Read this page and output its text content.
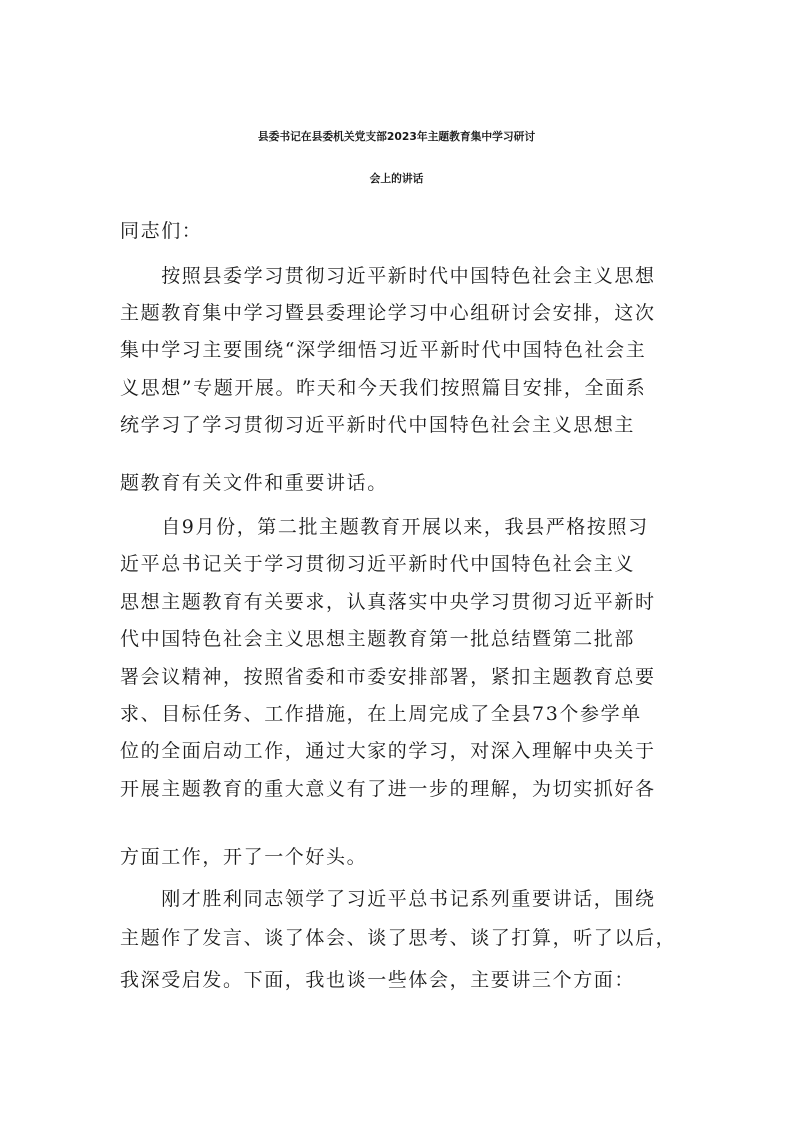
县委书记在县委机关党支部2023年主题教育集中学习研讨
会上的讲话
同志们：
　　按照县委学习贯彻习近平新时代中国特色社会主义思想
主题教育集中学习暨县委理论学习中心组研讨会安排，这次
集中学习主要围绕“深学细悟习近平新时代中国特色社会主
义思想”专题开展。昨天和今天我们按照篇目安排，全面系
统学习了学习贯彻习近平新时代中国特色社会主义思想主
题教育有关文件和重要讲话。
　　自9月份，第二批主题教育开展以来，我县严格按照习
近平总书记关于学习贯彻习近平新时代中国特色社会主义
思想主题教育有关要求，认真落实中央学习贯彻习近平新时
代中国特色社会主义思想主题教育第一批总结暨第二批部
署会议精神，按照省委和市委安排部署，紧扣主题教育总要
求、目标任务、工作措施，在上周完成了全县73个参学单
位的全面启动工作，通过大家的学习，对深入理解中央关于
开展主题教育的重大意义有了进一步的理解，为切实抓好各
方面工作，开了一个好头。
　　刚才胜利同志领学了习近平总书记系列重要讲话，围绕
主题作了发言、谈了体会、谈了思考、谈了打算，听了以后，
我深受启发。下面，我也谈一些体会，主要讲三个方面：
